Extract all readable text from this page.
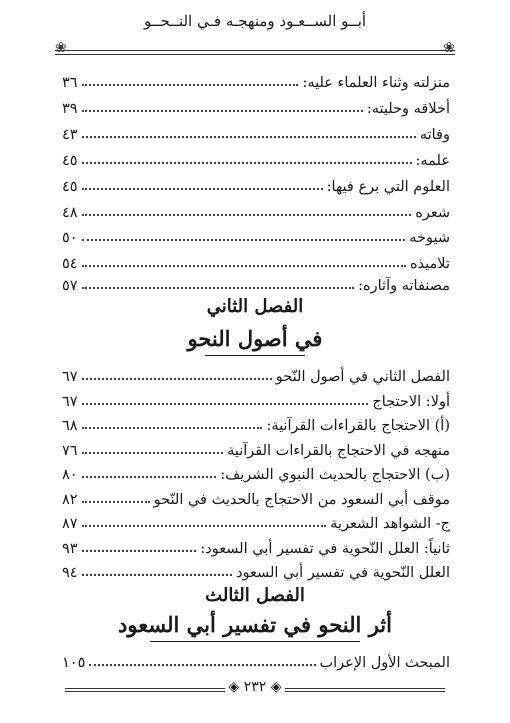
أبــو الســعـود ومنهجـه فـي النــحــو
❀	❀
منزلته وثناء العلماء عليه:
٣٦
أخلاقه وحليته:
٣٩
وفاته
٤٣
علمه:
٤٥
العلوم التي برع فيها:
٤٥
شعره
٤٨
شيوخه
٥٠
تلاميذه
٥٤
مصنفاته وآثاره:
٥٧
الفصل الثاني
في أصول النحو
الفصل الثاني في أصول النّحو
٦٧
أولا: الاحتجاج
٦٧
(أ) الاحتجاج بالقراءات القرآنية:
٦٨
منهجه في الاحتجاج بالقراءات القرآنية
٧٦
(ب) الاحتجاج بالحديث النبوي الشريف:
٨٠
موقف أبي السعود من الاحتجاج بالحديث في النّحو
٨٢
ج- الشواهد الشعرية
٨٧
ثانياً: العلل النّحوية في تفسير أبي السعود:
٩٣
العلل النّحوية في تفسير أبي السعود
٩٤
الفصل الثالث
أثر النحو في تفسير أبي السعود
المبحث الأول الإعراب
١٠٥
◈ ٢٣٢ ◈
